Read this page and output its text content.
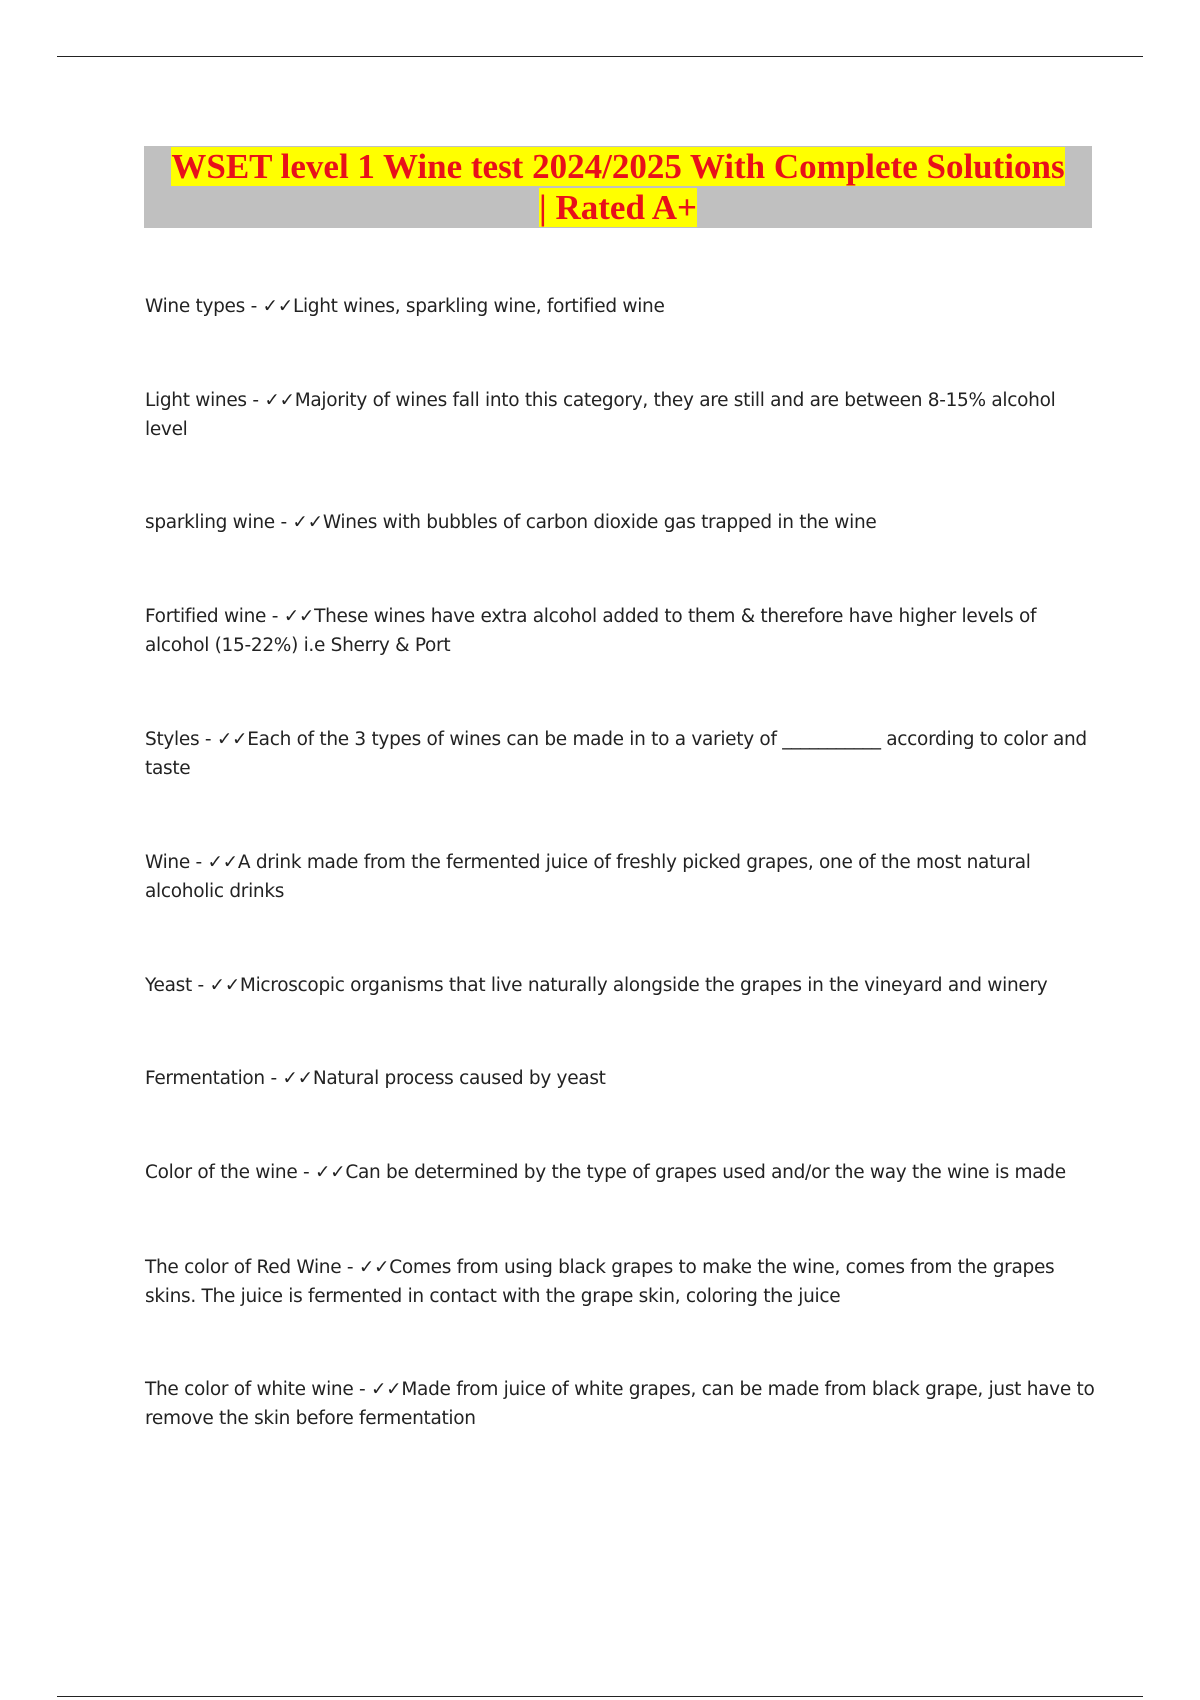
WSET level 1 Wine test 2024/2025 With Complete Solutions
| Rated A+
Wine types - ✓✓Light wines, sparkling wine, fortified wine
Light wines - ✓✓Majority of wines fall into this category, they are still and are between 8-15% alcohol level
sparkling wine - ✓✓Wines with bubbles of carbon dioxide gas trapped in the wine
Fortified wine - ✓✓These wines have extra alcohol added to them & therefore have higher levels of alcohol (15-22%) i.e Sherry & Port
Styles - ✓✓Each of the 3 types of wines can be made in to a variety of ___________ according to color and taste
Wine - ✓✓A drink made from the fermented juice of freshly picked grapes, one of the most natural alcoholic drinks
Yeast - ✓✓Microscopic organisms that live naturally alongside the grapes in the vineyard and winery
Fermentation - ✓✓Natural process caused by yeast
Color of the wine - ✓✓Can be determined by the type of grapes used and/or the way the wine is made
The color of Red Wine - ✓✓Comes from using black grapes to make the wine, comes from the grapes skins. The juice is fermented in contact with the grape skin, coloring the juice
The color of white wine - ✓✓Made from juice of white grapes, can be made from black grape, just have to remove the skin before fermentation
